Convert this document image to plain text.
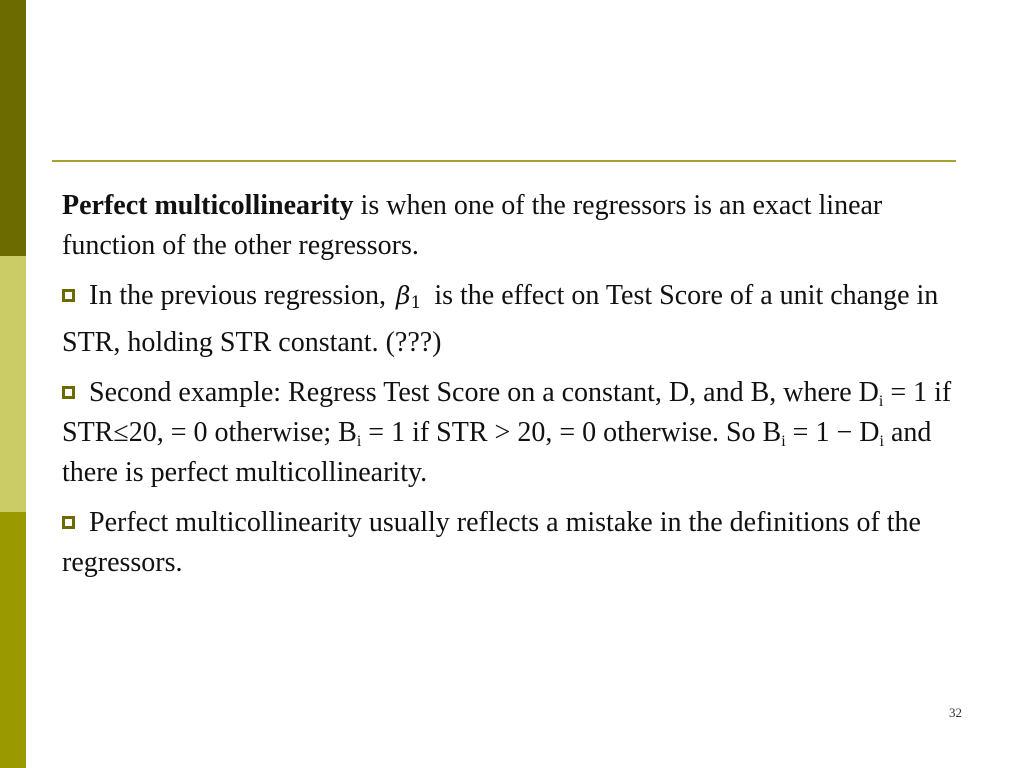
Perfect multicollinearity is when one of the regressors is an exact linear function of the other regressors.

In the previous regression, $\beta_1$ is the effect on Test Score of a unit change in STR, holding STR constant. (???)

Second example: Regress Test Score on a constant, D, and B, where $D_i = 1$ if STR≤20, = 0 otherwise; $B_i = 1$ if STR > 20, = 0 otherwise. So $B_i = 1 - D_i$ and there is perfect multicollinearity.

Perfect multicollinearity usually reflects a mistake in the definitions of the regressors.

32
